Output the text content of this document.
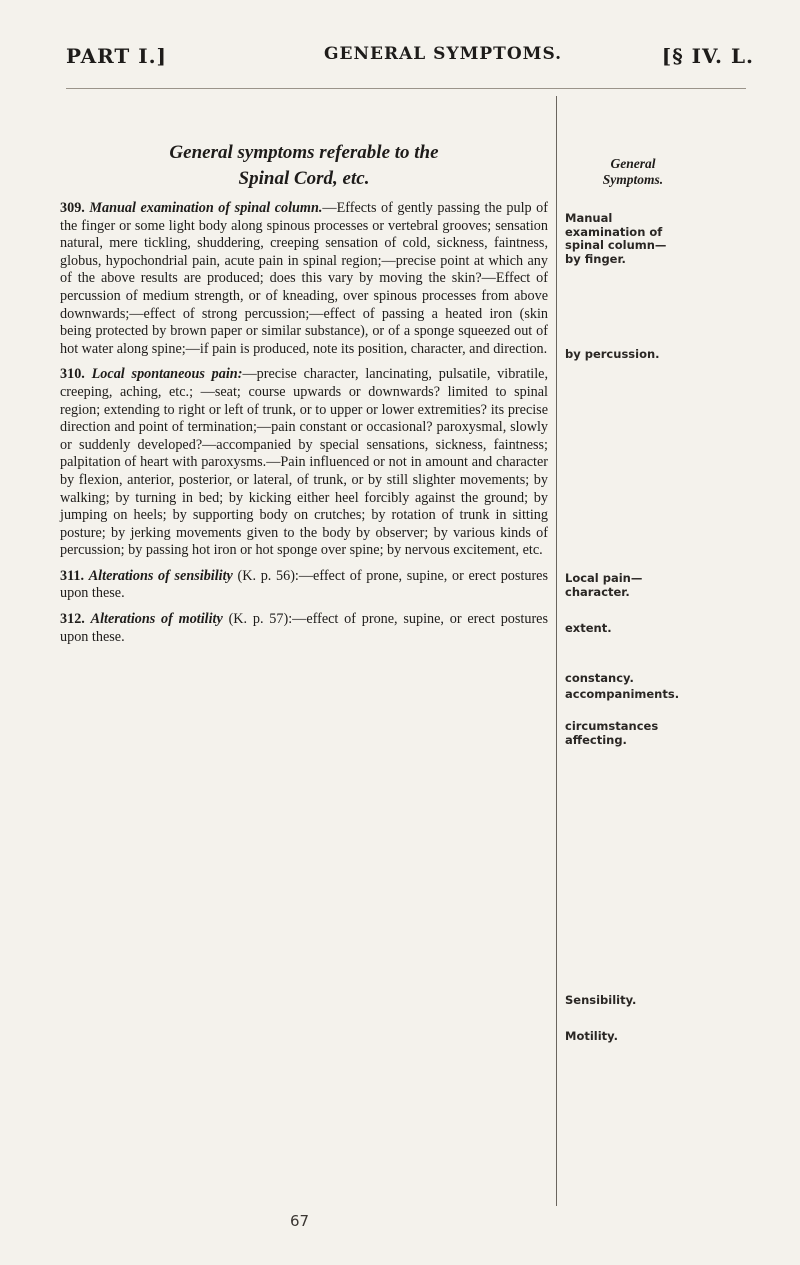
PART I.]	GENERAL SYMPTOMS.	[§ IV. L.
General symptoms referable to the
Spinal Cord, etc.

309. Manual examination of spinal column.—Effects of gently passing the pulp of the finger or some light body along spinous processes or vertebral grooves; sensation natural, mere tickling, shuddering, creeping sensation of cold, sickness, faintness, globus, hypochondrial pain, acute pain in spinal region;—precise point at which any of the above results are produced; does this vary by moving the skin?—Effect of percussion of medium strength, or of kneading, over spinous processes from above downwards;—effect of strong percussion;—effect of passing a heated iron (skin being protected by brown paper or similar substance), or of a sponge squeezed out of hot water along spine;—if pain is produced, note its position, character, and direction.

310. Local spontaneous pain:—precise character, lancinating, pulsatile, vibratile, creeping, aching, etc.; —seat; course upwards or downwards? limited to spinal region; extending to right or left of trunk, or to upper or lower extremities? its precise direction and point of termination;—pain constant or occasional? paroxysmal, slowly or suddenly developed?—accompanied by special sensations, sickness, faintness; palpitation of heart with paroxysms.—Pain influenced or not in amount and character by flexion, anterior, posterior, or lateral, of trunk, or by still slighter movements; by walking; by turning in bed; by kicking either heel forcibly against the ground; by jumping on heels; by supporting body on crutches; by rotation of trunk in sitting posture; by jerking movements given to the body by observer; by various kinds of percussion; by passing hot iron or hot sponge over spine; by nervous excitement, etc.

311. Alterations of sensibility (K. p. 56):—effect of prone, supine, or erect postures upon these.

312. Alterations of motility (K. p. 57):—effect of prone, supine, or erect postures upon these.

General
Symptoms.
Manual examination of spinal column— by finger.
by percussion.
Local pain— character.
extent.
constancy.
accompaniments.
circumstances affecting.
Sensibility.
Motility.
67
